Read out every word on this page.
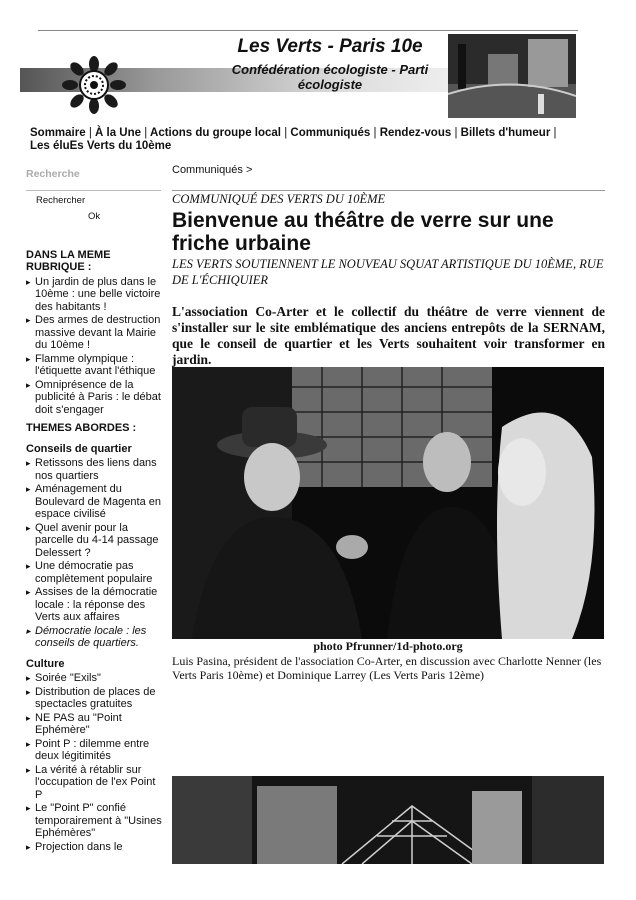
Les Verts
Les Verts - Paris 10e
Confédération écologiste - Parti écologiste
Sommaire | À la Une | Actions du groupe local | Communiqués | Rendez-vous | Billets d'humeur | Les éluEs Verts du 10ème
Recherche
Rechercher
Ok
DANS LA MEME RUBRIQUE :
▸ Un jardin de plus dans le 10ème : une belle victoire des habitants !
▸ Des armes de destruction massive devant la Mairie du 10ème !
▸ Flamme olympique : l'étiquette avant l'éthique
▸ Omniprésence de la publicité à Paris : le débat doit s'engager
THEMES ABORDES :
Conseils de quartier
▸ Retissons des liens dans nos quartiers
▸ Aménagement du Boulevard de Magenta en espace civilisé
▸ Quel avenir pour la parcelle du 4-14 passage Delessert ?
▸ Une démocratie pas complètement populaire
▸ Assises de la démocratie locale : la réponse des Verts aux affaires
▸ Démocratie locale : les conseils de quartiers.
Culture
▸ Soirée "Exils"
▸ Distribution de places de spectacles gratuites
▸ NE PAS au "Point Ephémère"
▸ Point P : dilemme entre deux légitimités
▸ La vérité à rétablir sur l'occupation de l'ex Point P
▸ Le "Point P" confié temporairement à "Usines Ephémères"
▸ Projection dans le
Communiqués >
COMMUNIQUÉ DES VERTS DU 10ÈME
Bienvenue au théâtre de verre sur une friche urbaine
LES VERTS SOUTIENNENT LE NOUVEAU SQUAT ARTISTIQUE DU 10ÈME, RUE DE L'ÉCHIQUIER
L'association Co-Arter et le collectif du théâtre de verre viennent de s'installer sur le site emblématique des anciens entrepôts de la SERNAM, que le conseil de quartier et les Verts souhaitent voir transformer en jardin.
photo Pfrunner/1d-photo.org
Luis Pasina, président de l'association Co-Arter, en discussion avec Charlotte Nenner (les Verts Paris 10ème) et Dominique Larrey (Les Verts Paris 12ème)
